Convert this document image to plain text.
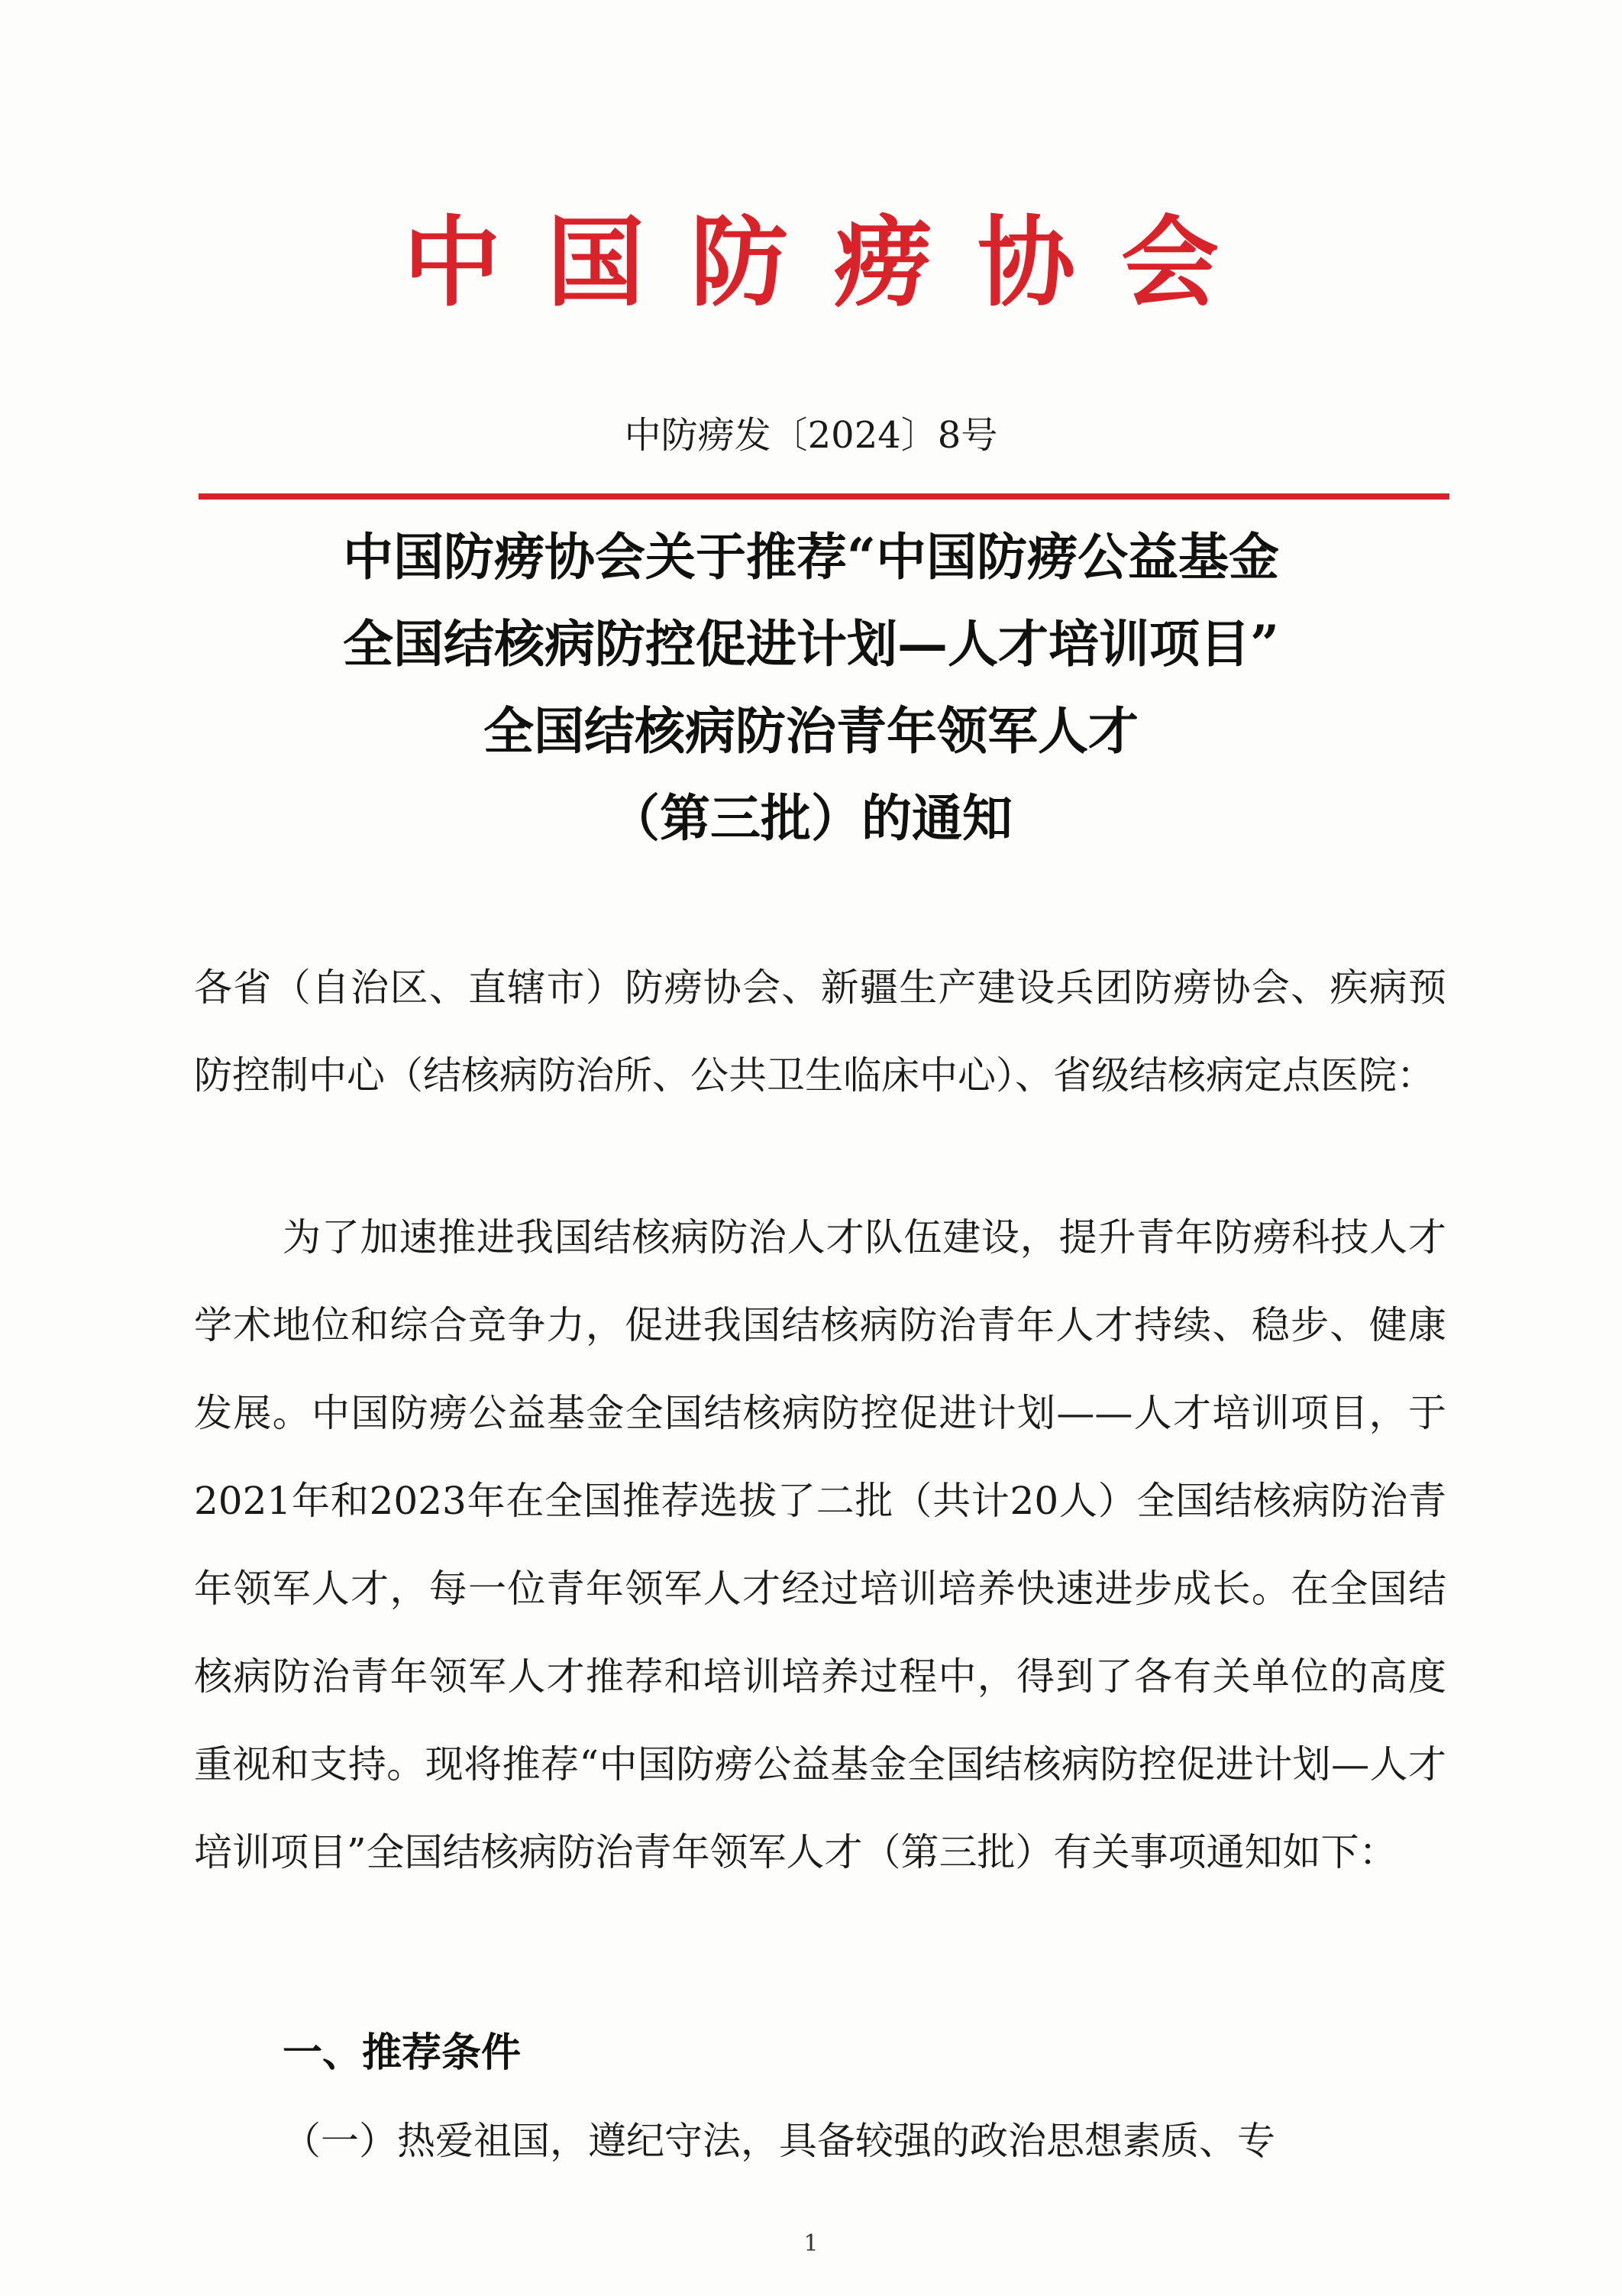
中国防痨协会
中防痨发〔2024〕8号
中国防痨协会关于推荐“中国防痨公益基金
全国结核病防控促进计划—人才培训项目”
全国结核病防治青年领军人才
（第三批）的通知
各省（自治区、直辖市）防痨协会、新疆生产建设兵团防痨协会、疾病预防控制中心（结核病防治所、公共卫生临床中心）、省级结核病定点医院：
为了加速推进我国结核病防治人才队伍建设，提升青年防痨科技人才学术地位和综合竞争力，促进我国结核病防治青年人才持续、稳步、健康发展。中国防痨公益基金全国结核病防控促进计划——人才培训项目，于2021年和2023年在全国推荐选拔了二批（共计20人）全国结核病防治青年领军人才，每一位青年领军人才经过培训培养快速进步成长。在全国结核病防治青年领军人才推荐和培训培养过程中，得到了各有关单位的高度重视和支持。现将推荐“中国防痨公益基金全国结核病防控促进计划—人才培训项目”全国结核病防治青年领军人才（第三批）有关事项通知如下：
一、推荐条件
（一）热爱祖国，遵纪守法，具备较强的政治思想素质、专
1
